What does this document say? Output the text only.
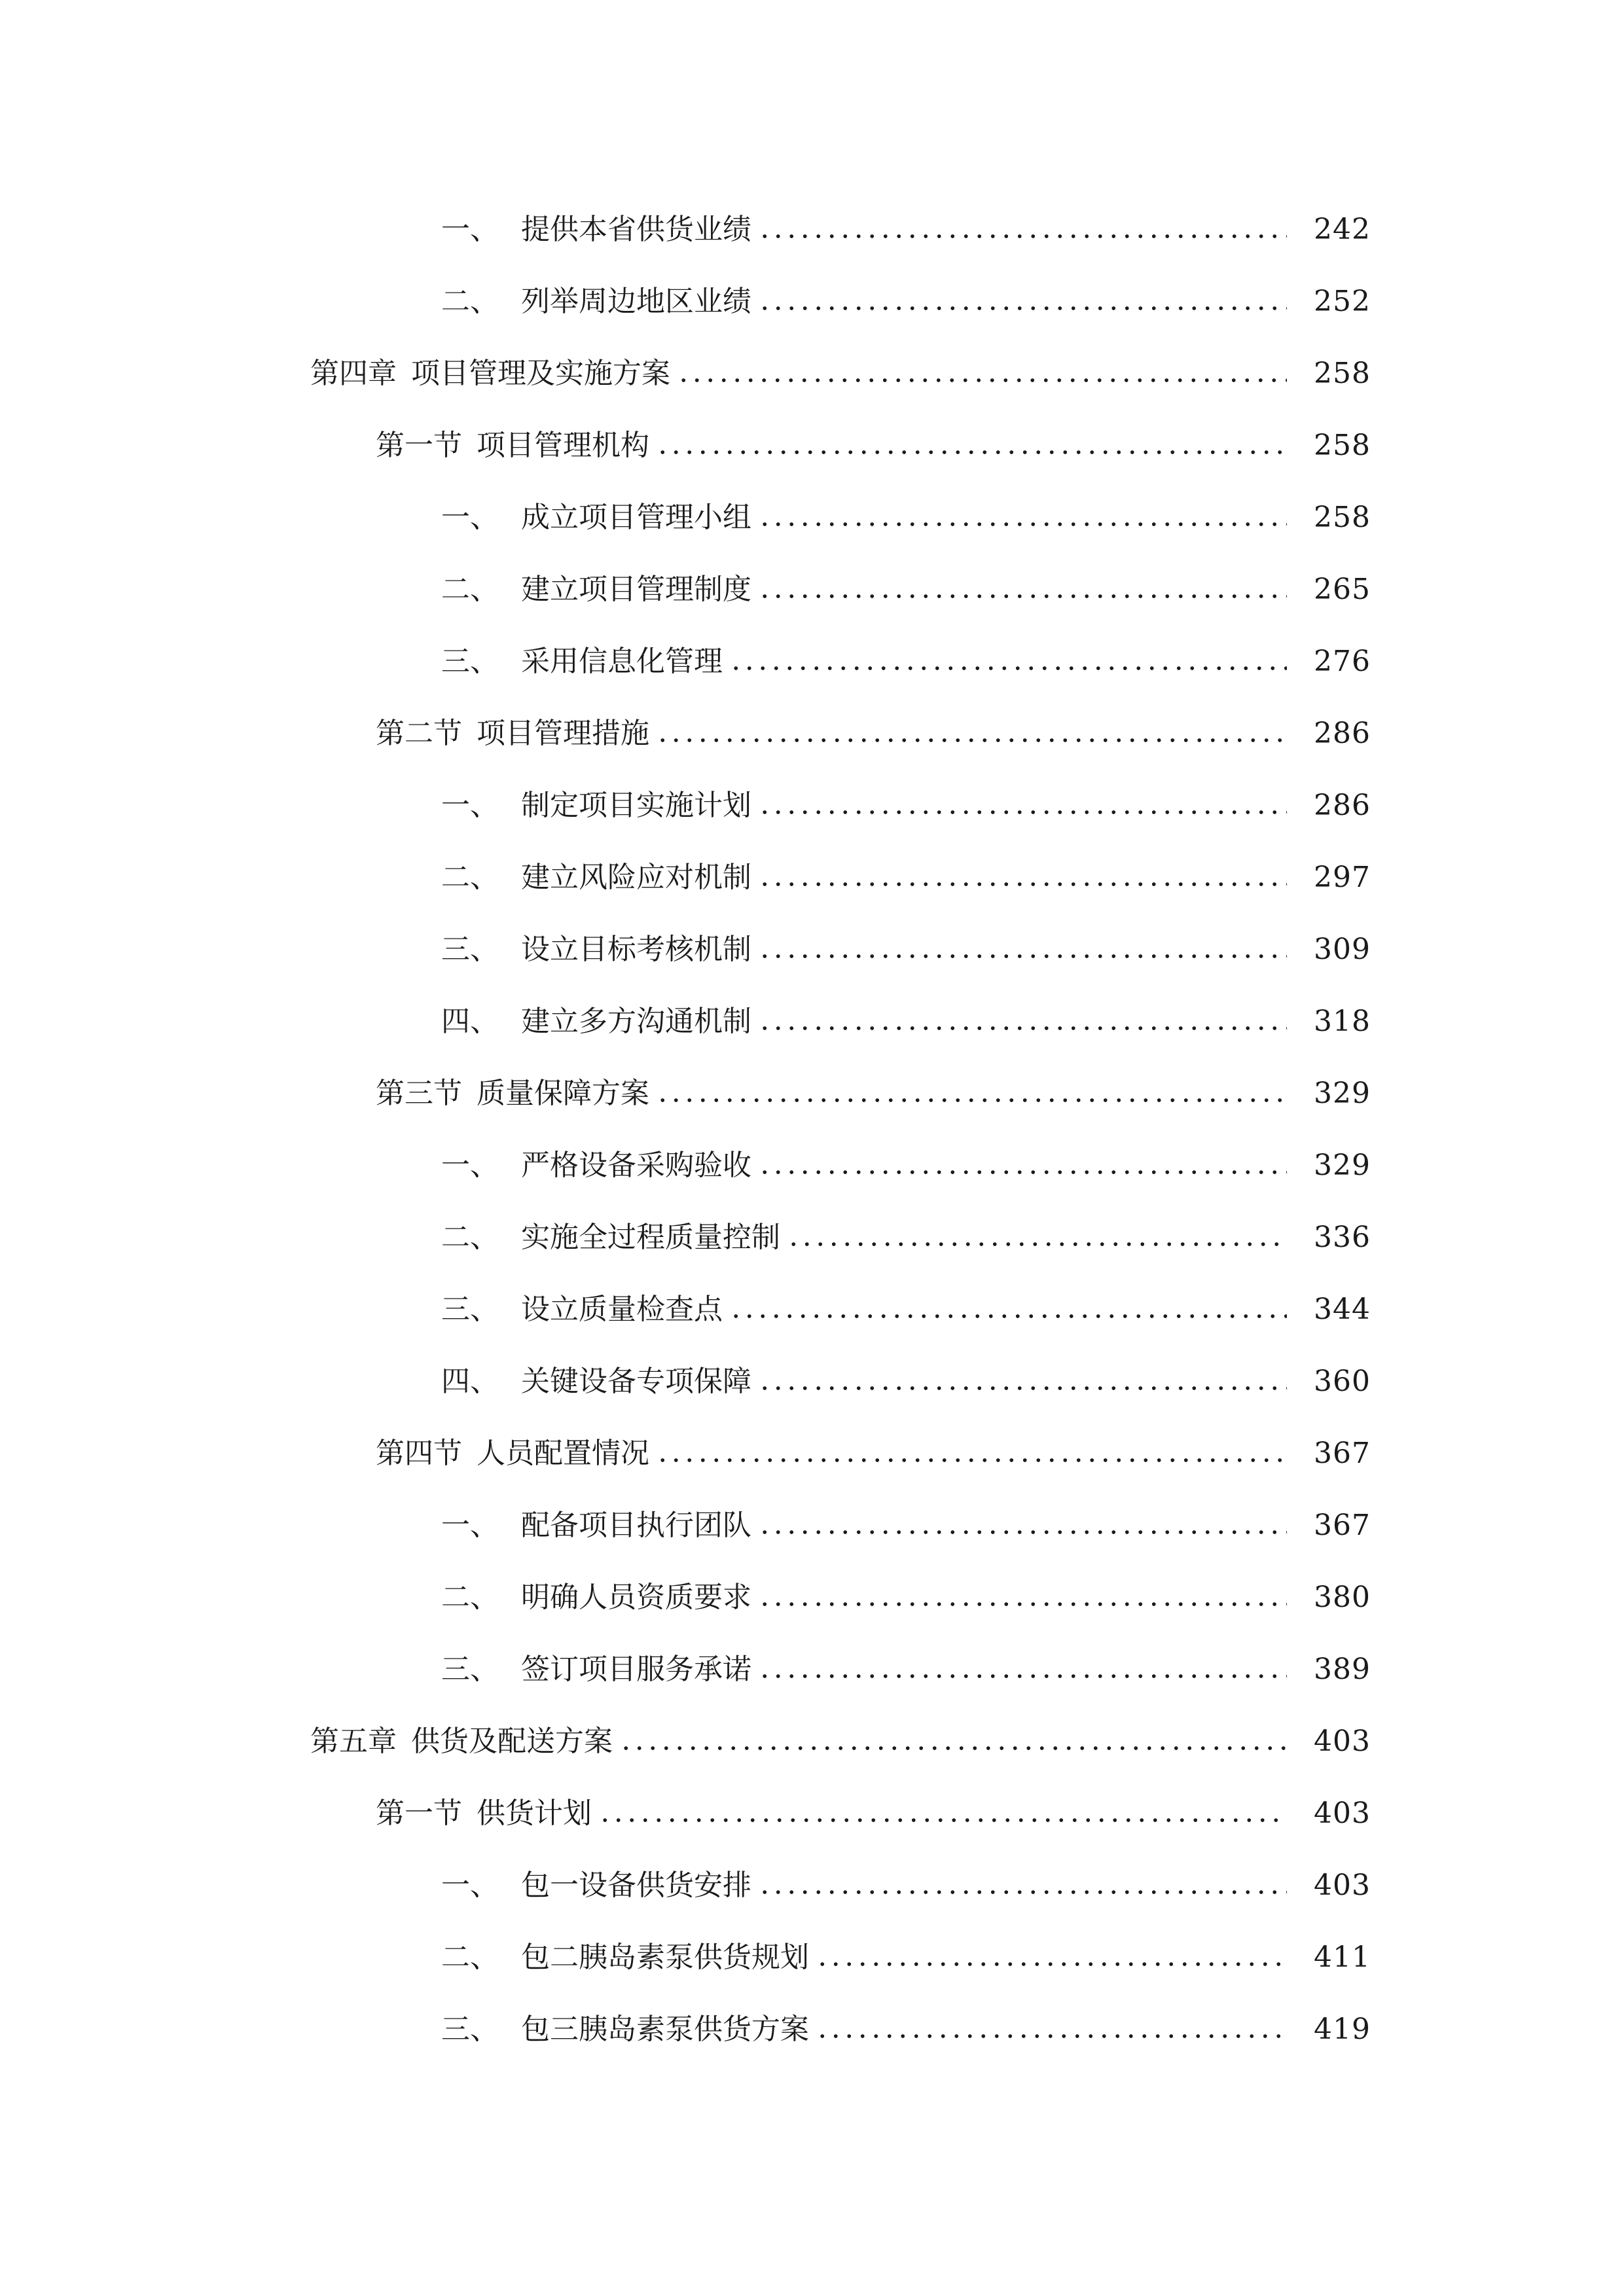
一、 提供本省供货业绩	242
二、 列举周边地区业绩	252
第四章 项目管理及实施方案	258
第一节 项目管理机构	258
一、 成立项目管理小组	258
二、 建立项目管理制度	265
三、 采用信息化管理	276
第二节 项目管理措施	286
一、 制定项目实施计划	286
二、 建立风险应对机制	297
三、 设立目标考核机制	309
四、 建立多方沟通机制	318
第三节 质量保障方案	329
一、 严格设备采购验收	329
二、 实施全过程质量控制	336
三、 设立质量检查点	344
四、 关键设备专项保障	360
第四节 人员配置情况	367
一、 配备项目执行团队	367
二、 明确人员资质要求	380
三、 签订项目服务承诺	389
第五章 供货及配送方案	403
第一节 供货计划	403
一、 包一设备供货安排	403
二、 包二胰岛素泵供货规划	411
三、 包三胰岛素泵供货方案	419
